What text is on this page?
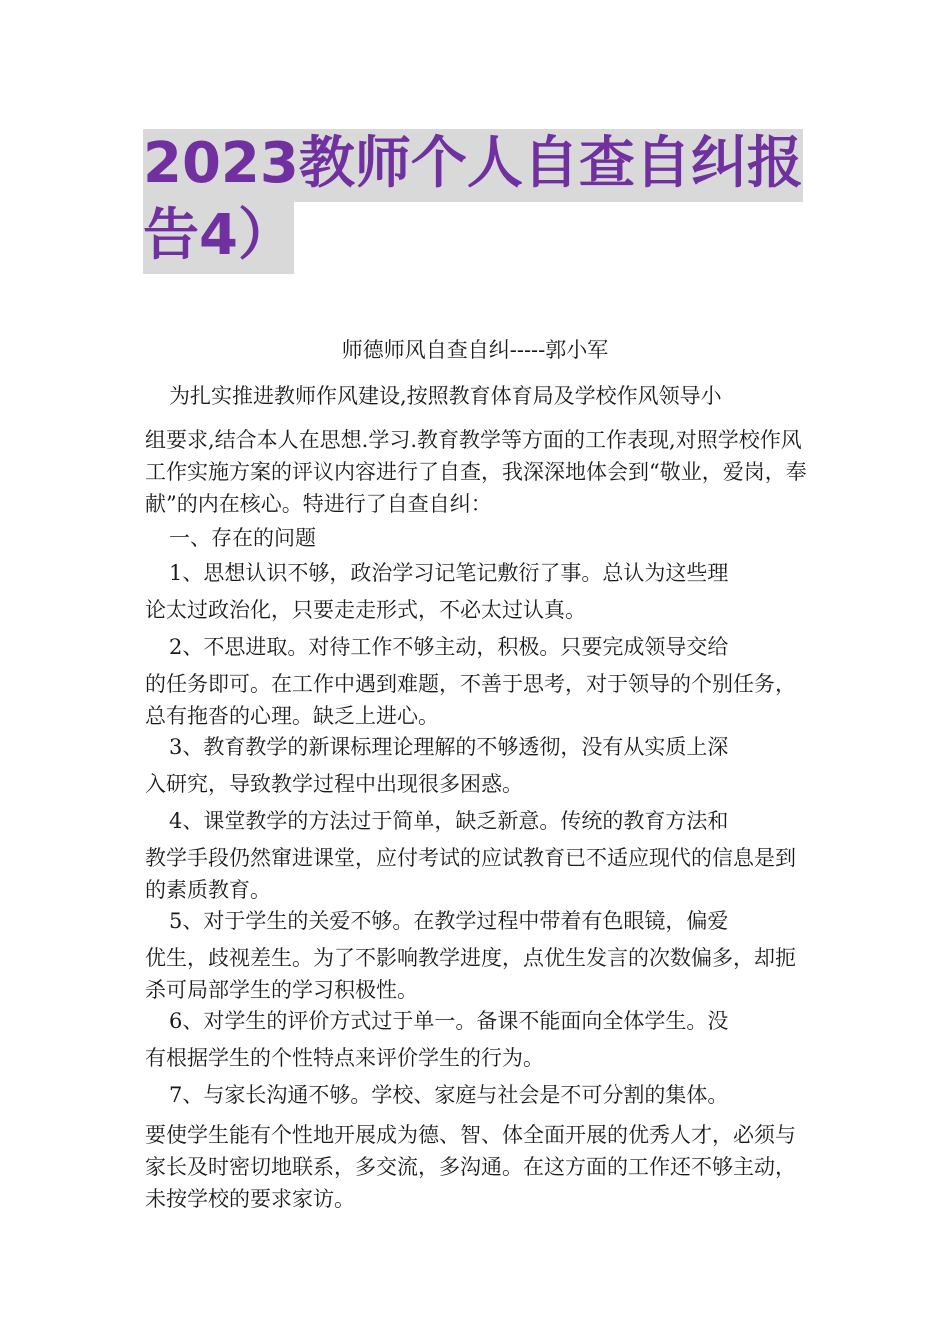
2023教师个人自查自纠报告4）
师德师风自查自纠-----郭小军
为扎实推进教师作风建设,按照教育体育局及学校作风领导小
组要求,结合本人在思想.学习.教育教学等方面的工作表现,对照学校作风工作实施方案的评议内容进行了自查，我深深地体会到“敬业，爱岗，奉献”的内在核心。特进行了自查自纠：
一、存在的问题
1、思想认识不够，政治学习记笔记敷衍了事。总认为这些理
论太过政治化，只要走走形式，不必太过认真。
2、不思进取。对待工作不够主动，积极。只要完成领导交给
的任务即可。在工作中遇到难题，不善于思考，对于领导的个别任务，总有拖沓的心理。缺乏上进心。
3、教育教学的新课标理论理解的不够透彻，没有从实质上深
入研究，导致教学过程中出现很多困惑。
4、课堂教学的方法过于简单，缺乏新意。传统的教育方法和
教学手段仍然窜进课堂，应付考试的应试教育已不适应现代的信息是到的素质教育。
5、对于学生的关爱不够。在教学过程中带着有色眼镜，偏爱
优生，歧视差生。为了不影响教学进度，点优生发言的次数偏多，却扼杀可局部学生的学习积极性。
6、对学生的评价方式过于单一。备课不能面向全体学生。没
有根据学生的个性特点来评价学生的行为。
7、与家长沟通不够。学校、家庭与社会是不可分割的集体。
要使学生能有个性地开展成为德、智、体全面开展的优秀人才，必须与家长及时密切地联系，多交流，多沟通。在这方面的工作还不够主动，未按学校的要求家访。
